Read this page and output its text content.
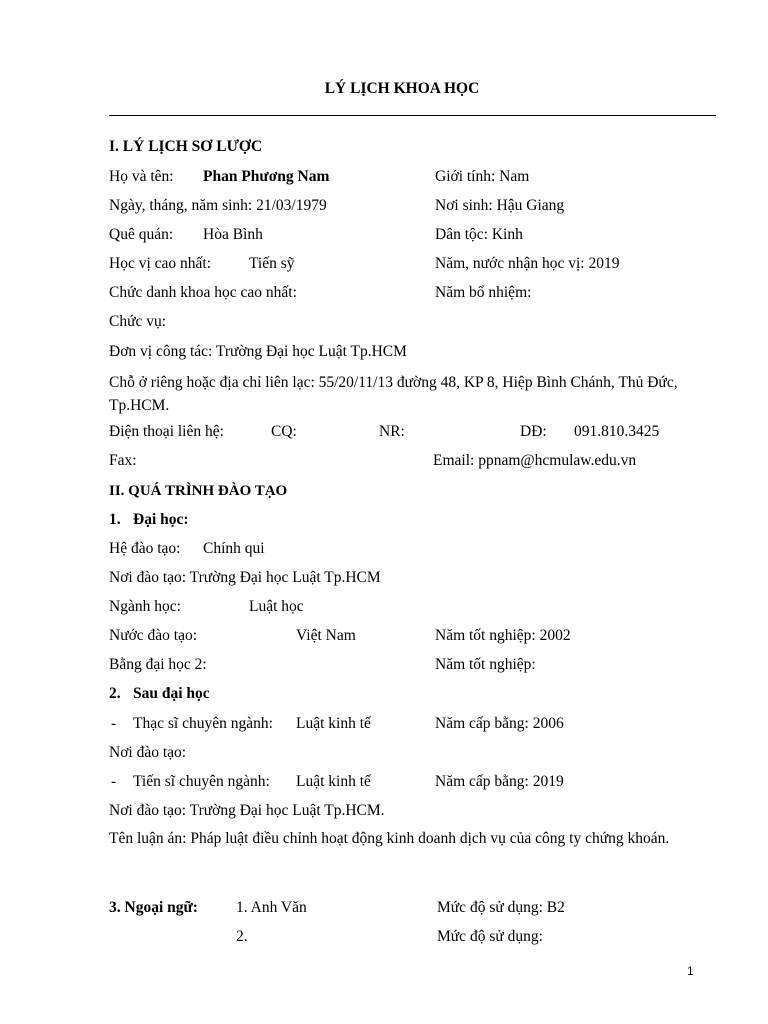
LÝ LỊCH KHOA HỌC
I. LÝ LỊCH SƠ LƯỢC
Họ và tên: Phan Phương Nam	Giới tính: Nam
Ngày, tháng, năm sinh: 21/03/1979	Nơi sinh: Hậu Giang
Quê quán: Hòa Bình	Dân tộc: Kinh
Học vị cao nhất: Tiến sỹ	Năm, nước nhận học vị: 2019
Chức danh khoa học cao nhất:	Năm bổ nhiệm:
Chức vụ:
Đơn vị công tác: Trường Đại học Luật Tp.HCM
Chỗ ở riêng hoặc địa chỉ liên lạc: 55/20/11/13 đường 48, KP 8, Hiệp Bình Chánh, Thủ Đức, Tp.HCM.
Điện thoại liên hệ:	CQ:	NR:	DĐ: 091.810.3425
Fax:	Email: ppnam@hcmulaw.edu.vn
II. QUÁ TRÌNH ĐÀO TẠO
1. Đại học:
Hệ đào tạo: Chính qui
Nơi đào tạo: Trường Đại học Luật Tp.HCM
Ngành học:	Luật học
Nước đào tạo:	Việt Nam	Năm tốt nghiệp: 2002
Bằng đại học 2:	Năm tốt nghiệp:
2. Sau đại học
- Thạc sĩ chuyên ngành: Luật kinh tế	Năm cấp bằng: 2006
Nơi đào tạo:
- Tiến sĩ chuyên ngành: Luật kinh tế	Năm cấp bằng: 2019
Nơi đào tạo: Trường Đại học Luật Tp.HCM.
Tên luận án: Pháp luật điều chỉnh hoạt động kinh doanh dịch vụ của công ty chứng khoán.
3. Ngoại ngữ: 1. Anh Văn	Mức độ sử dụng: B2
2.	Mức độ sử dụng:
1
